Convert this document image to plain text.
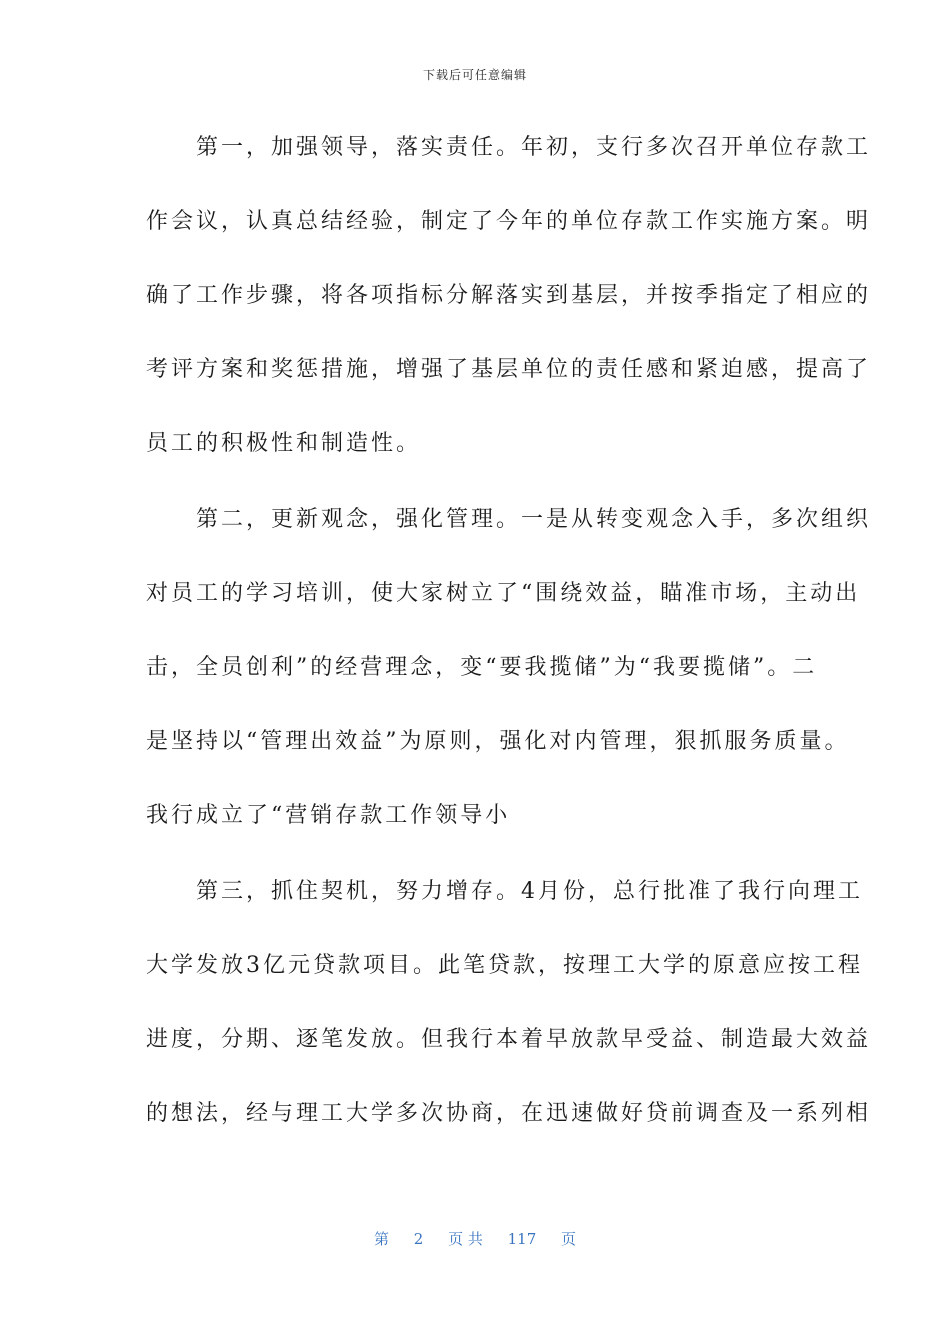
下载后可任意编辑
　　第一，加强领导，落实责任。年初，支行多次召开单位存款工
作会议，认真总结经验，制定了今年的单位存款工作实施方案。明
确了工作步骤，将各项指标分解落实到基层，并按季指定了相应的
考评方案和奖惩措施，增强了基层单位的责任感和紧迫感，提高了
员工的积极性和制造性。
　　第二，更新观念，强化管理。一是从转变观念入手，多次组织
对员工的学习培训，使大家树立了“围绕效益，瞄准市场，主动出
击，全员创利”的经营理念，变“要我揽储”为“我要揽储”。二
是坚持以“管理出效益”为原则，强化对内管理，狠抓服务质量。
我行成立了“营销存款工作领导小
　　第三，抓住契机，努力增存。4月份，总行批准了我行向理工
大学发放3亿元贷款项目。此笔贷款，按理工大学的原意应按工程
进度，分期、逐笔发放。但我行本着早放款早受益、制造最大效益
的想法，经与理工大学多次协商，在迅速做好贷前调查及一系列相
第 2 页 共 117 页
